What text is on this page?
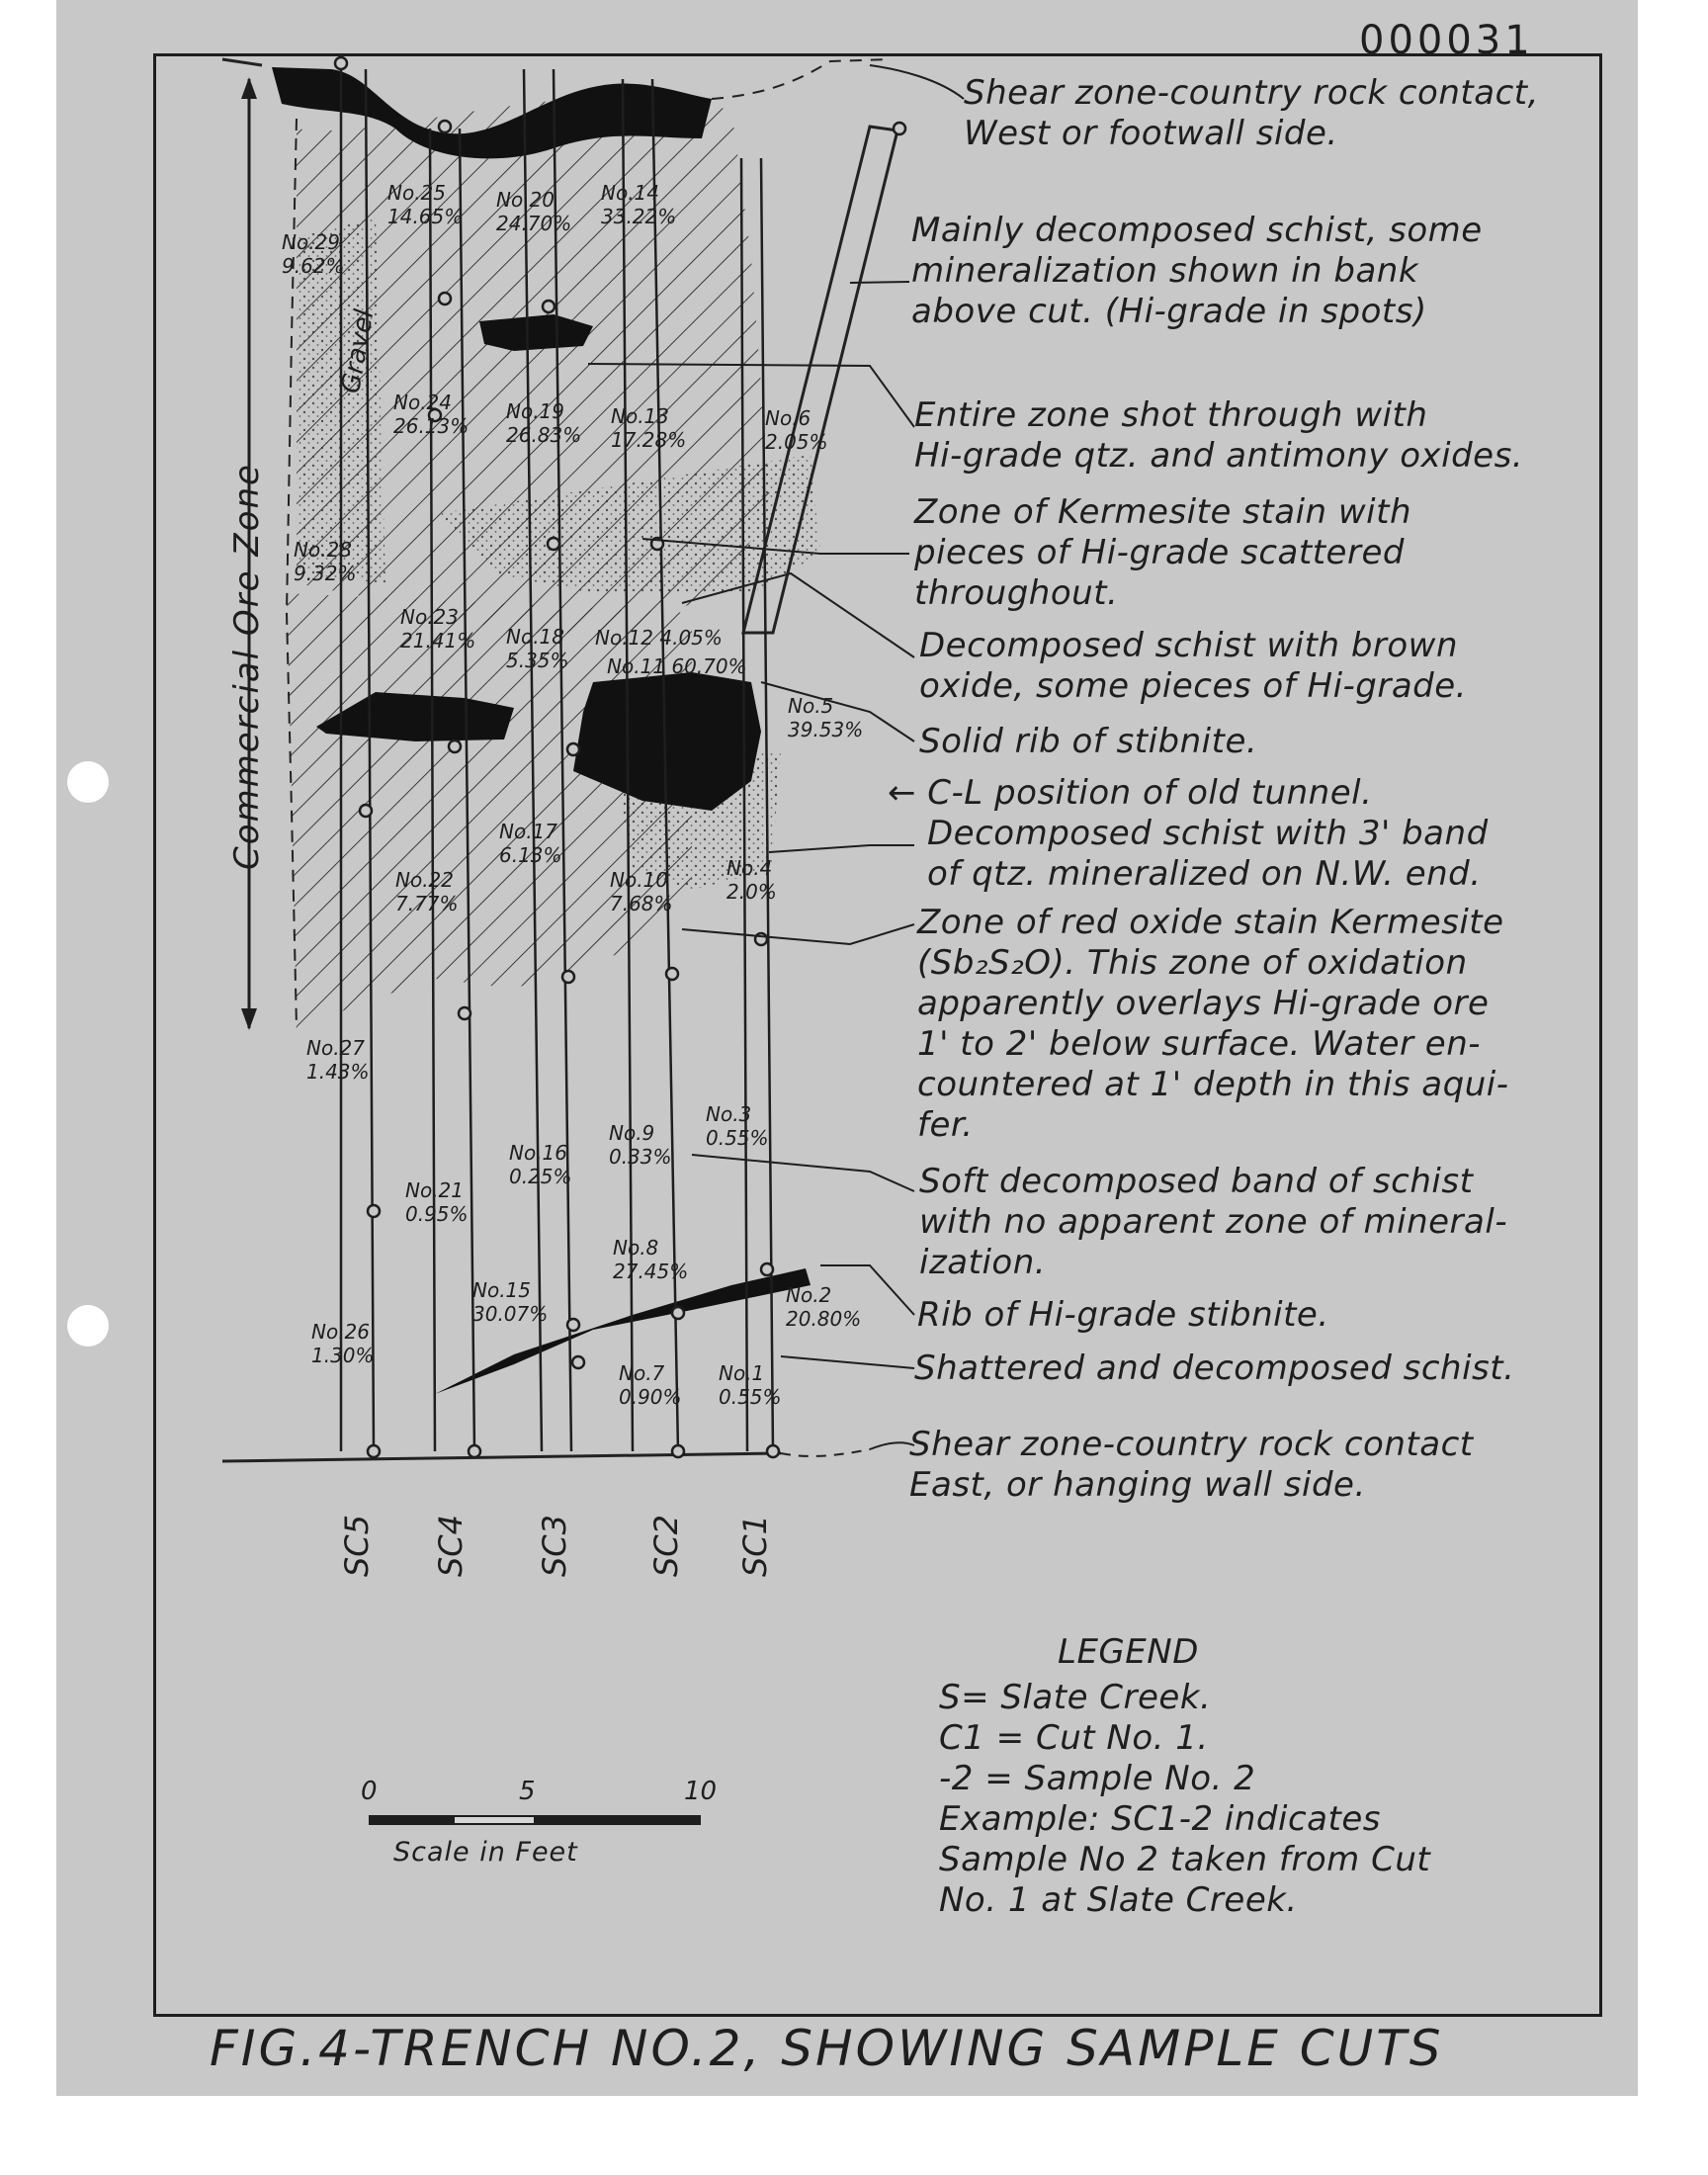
000031
FIG.4-TRENCH NO.2, SHOWING SAMPLE CUTS
Commercial Ore Zone
Gravel
No.29
9.62%
No.25
14.65%
No.20
24.70%
No.14
33.22%
No.24
26.13%
No.19
26.83%
No.13
17.28%
No.6
2.05%
No.28
9.32%
No.23
21.41% No.18
5.35%
No.12 4.05%
No.11 60.70%
No.5
39.53%
No.17
6.13%
No.22
7.77%
No.10
7.68%
No.4
2.0%
No.27
1.43%
No.3
0.55%
No.9
0.33%
No.16
0.25%
No.21
0.95%
No.8
27.45%
No.15
30.07%
No.2
20.80%
No.26
1.30%
No.7
0.90%
No.1
0.55%
SC5 SC4 SC3 SC2 SC1
Shear zone-country rock contact,
West or footwall side.
Mainly decomposed schist, some
mineralization shown in bank
above cut. (Hi-grade in spots)
Entire zone shot through with
Hi-grade qtz. and antimony oxides.
Zone of Kermesite stain with
pieces of Hi-grade scattered
throughout.
Decomposed schist with brown
oxide, some pieces of Hi-grade.
Solid rib of stibnite.
← C-L position of old tunnel.
Decomposed schist with 3' band
of qtz. mineralized on N.W. end.
Zone of red oxide stain Kermesite
(Sb₂S₂O). This zone of oxidation
apparently overlays Hi-grade ore
1' to 2' below surface. Water en-
countered at 1' depth in this aqui-
fer.
Soft decomposed band of schist
with no apparent zone of mineral-
ization.
Rib of Hi-grade stibnite.
Shattered and decomposed schist.
Shear zone-country rock contact
East, or hanging wall side.
LEGEND
S= Slate Creek.
C1 = Cut No. 1.
-2 = Sample No. 2
Example: SC1-2 indicates
Sample No 2 taken from Cut
No. 1 at Slate Creek.
0	5	10
Scale in Feet
